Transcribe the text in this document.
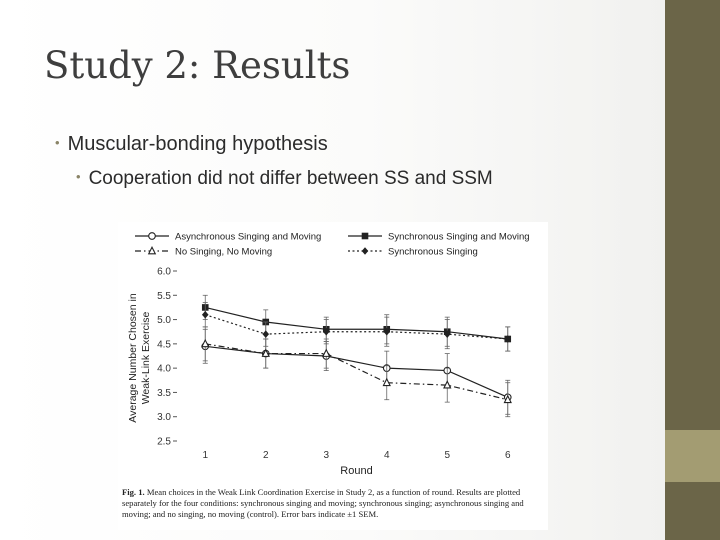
Study 2: Results
• Muscular-bonding hypothesis
• Cooperation did not differ between SS and SSM
2.5
3.0
3.5
4.0
4.5
5.0
5.5
6.0
1	2	3	4	5	6
Round
Average Number Chosen in Weak-Link Exercise
Asynchronous Singing and Moving	Synchronous Singing and Moving
No Singing, No Moving	Synchronous Singing
Fig. 1. Mean choices in the Weak Link Coordination Exercise in Study 2, as a function of round. Results are plotted separately for the four conditions: synchronous singing and moving; synchronous singing; asynchronous singing and moving; and no singing, no moving (control). Error bars indicate ±1 SEM.
